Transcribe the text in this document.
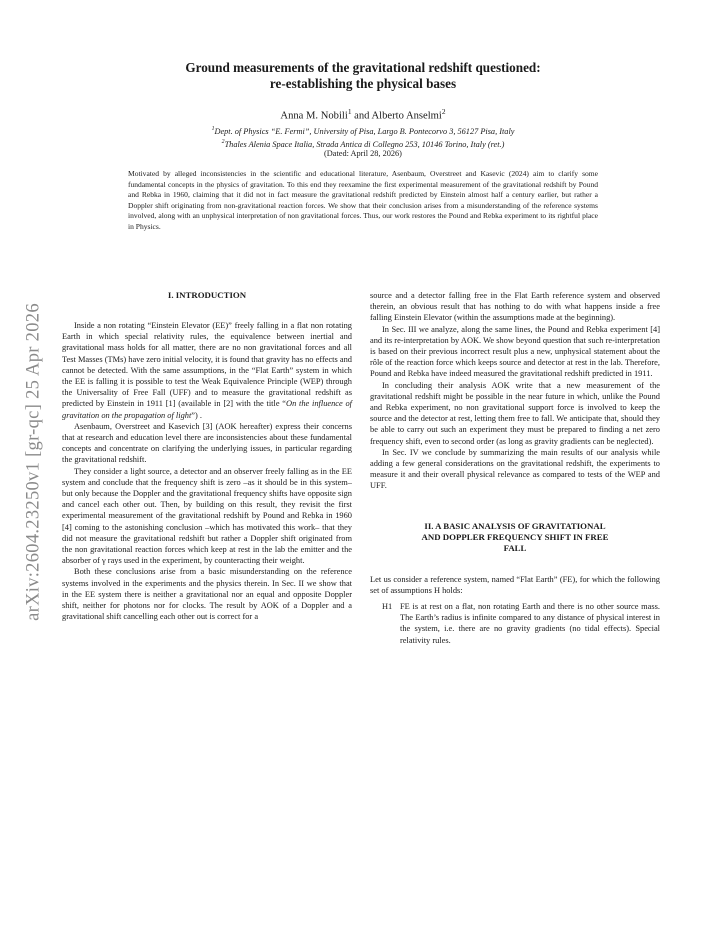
arXiv:2604.23250v1 [gr-qc] 25 Apr 2026
Ground measurements of the gravitational redshift questioned:
re-establishing the physical bases
Anna M. Nobili$^1$ and Alberto Anselmi$^2$
$^1$Dept. of Physics “E. Fermi”, University of Pisa, Largo B. Pontecorvo 3, 56127 Pisa, Italy
$^2$Thales Alenia Space Italia, Strada Antica di Collegno 253, 10146 Torino, Italy (ret.)
(Dated: April 28, 2026)
Motivated by alleged inconsistencies in the scientific and educational literature, Asenbaum, Overstreet and Kasevic (2024) aim to clarify some fundamental concepts in the physics of gravitation. To this end they reexamine the first experimental measurement of the gravitational redshift by Pound and Rebka in 1960, claiming that it did not in fact measure the gravitational redshift predicted by Einstein almost half a century earlier, but rather a Doppler shift originating from non-gravitational reaction forces. We show that their conclusion arises from a misunderstanding of the reference systems involved, along with an unphysical interpretation of non gravitational forces. Thus, our work restores the Pound and Rebka experiment to its rightful place in Physics.
I. INTRODUCTION

Inside a non rotating “Einstein Elevator (EE)” freely falling in a flat non rotating Earth in which special relativity rules, the equivalence between inertial and gravitational mass holds for all matter, there are no non gravitational forces and all Test Masses (TMs) have zero initial velocity, it is found that gravity has no effects and cannot be detected. With the same assumptions, in the “Flat Earth” system in which the EE is falling it is possible to test the Weak Equivalence Principle (WEP) through the Universality of Free Fall (UFF) and to measure the gravitational redshift as predicted by Einstein in 1911 [1] (available in [2] with the title “On the influence of gravitation on the propagation of light”) .

Asenbaum, Overstreet and Kasevich [3] (AOK hereafter) express their concerns that at research and education level there are inconsistencies about these fundamental concepts and concentrate on clarifying the underlying issues, in particular regarding the gravitational redshift.

They consider a light source, a detector and an observer freely falling as in the EE system and conclude that the frequency shift is zero –as it should be in this system– but only because the Doppler and the gravitational frequency shifts have opposite sign and cancel each other out. Then, by building on this result, they revisit the first experimental measurement of the gravitational redshift by Pound and Rebka in 1960 [4] coming to the astonishing conclusion –which has motivated this work– that they did not measure the gravitational redshift but rather a Doppler shift originated from the non gravitational reaction forces which keep at rest in the lab the emitter and the absorber of γ rays used in the experiment, by counteracting their weight.

Both these conclusions arise from a basic misunderstanding on the reference systems involved in the experiments and the physics therein. In Sec. II we show that in the EE system there is neither a gravitational nor an equal and opposite Doppler shift, neither for photons nor for clocks. The result by AOK of a Doppler and a gravitational shift cancelling each other out is correct for a

source and a detector falling free in the Flat Earth reference system and observed therein, an obvious result that has nothing to do with what happens inside a free falling Einstein Elevator (within the assumptions made at the beginning).

In Sec. III we analyze, along the same lines, the Pound and Rebka experiment [4] and its re-interpretation by AOK. We show beyond question that such re-interpretation is based on their previous incorrect result plus a new, unphysical statement about the rôle of the reaction force which keeps source and detector at rest in the lab. Therefore, Pound and Rebka have indeed measured the gravitational redshift predicted in 1911.

In concluding their analysis AOK write that a new measurement of the gravitational redshift might be possible in the near future in which, unlike the Pound and Rebka experiment, no non gravitational support force is involved to keep the source and the detector at rest, letting them free to fall. We anticipate that, should they be able to carry out such an experiment they must be prepared to finding a net zero frequency shift, even to second order (as long as gravity gradients can be neglected).

In Sec. IV we conclude by summarizing the main results of our analysis while adding a few general considerations on the gravitational redshift, the experiments to measure it and their overall physical relevance as compared to tests of the WEP and UFF.

II. A BASIC ANALYSIS OF GRAVITATIONAL
AND DOPPLER FREQUENCY SHIFT IN FREE
FALL

Let us consider a reference system, named “Flat Earth” (FE), for which the following set of assumptions H holds:

H1 FE is at rest on a flat, non rotating Earth and there is no other source mass. The Earth’s radius is infinite compared to any distance of physical interest in the system, i.e. there are no gravity gradients (no tidal effects). Special relativity rules.
